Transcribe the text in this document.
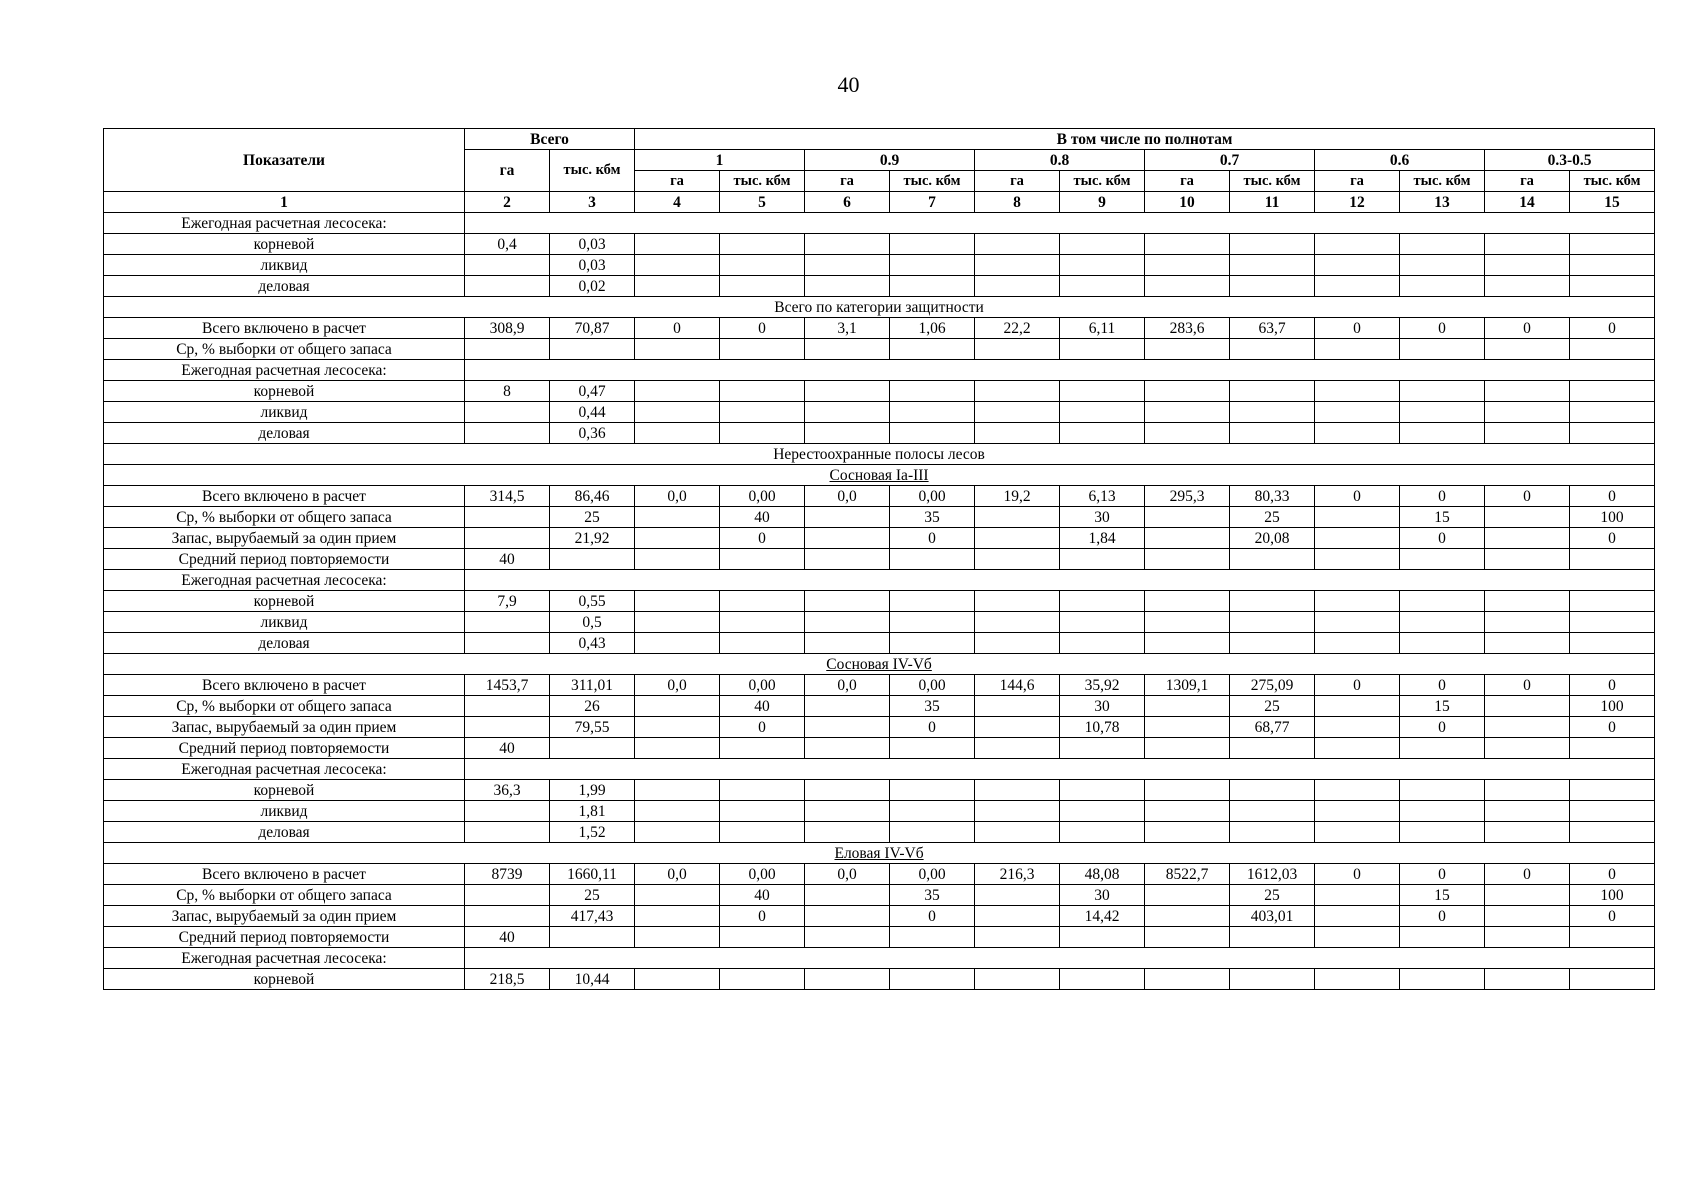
40
Показатели	Всего		В том числе по полнотам											
	га	тыс. кбм	1		0.9		0.8		0.7		0.6		0.3-0.5	
			га	тыс. кбм	га	тыс. кбм	га	тыс. кбм	га	тыс. кбм	га	тыс. кбм	га	тыс. кбм
1	2	3	4	5	6	7	8	9	10	11	12	13	14	15
Ежегодная расчетная лесосека:														
корневой	0,4	0,03												
ликвид		0,03												
деловая		0,02												
Всего по категории защитности														
Всего включено в расчет	308,9	70,87	0	0	3,1	1,06	22,2	6,11	283,6	63,7	0	0	0	0
Ср, % выборки от общего запаса														
Ежегодная расчетная лесосека:														
корневой	8	0,47												
ликвид		0,44												
деловая		0,36												
Нерестоохранные полосы лесов														
Сосновая Iа-III														
Всего включено в расчет	314,5	86,46	0,0	0,00	0,0	0,00	19,2	6,13	295,3	80,33	0	0	0	0
Ср, % выборки от общего запаса		25		40		35		30		25		15		100
Запас, вырубаемый за один прием		21,92		0		0		1,84		20,08		0		0
Средний период повторяемости	40													
Ежегодная расчетная лесосека:														
корневой	7,9	0,55												
ликвид		0,5												
деловая		0,43												
Сосновая IV-Vб														
Всего включено в расчет	1453,7	311,01	0,0	0,00	0,0	0,00	144,6	35,92	1309,1	275,09	0	0	0	0
Ср, % выборки от общего запаса		26		40		35		30		25		15		100
Запас, вырубаемый за один прием		79,55		0		0		10,78		68,77		0		0
Средний период повторяемости	40													
Ежегодная расчетная лесосека:														
корневой	36,3	1,99												
ликвид		1,81												
деловая		1,52												
Еловая IV-Vб														
Всего включено в расчет	8739	1660,11	0,0	0,00	0,0	0,00	216,3	48,08	8522,7	1612,03	0	0	0	0
Ср, % выборки от общего запаса		25		40		35		30		25		15		100
Запас, вырубаемый за один прием		417,43		0		0		14,42		403,01		0		0
Средний период повторяемости	40													
Ежегодная расчетная лесосека:														
корневой	218,5	10,44												
